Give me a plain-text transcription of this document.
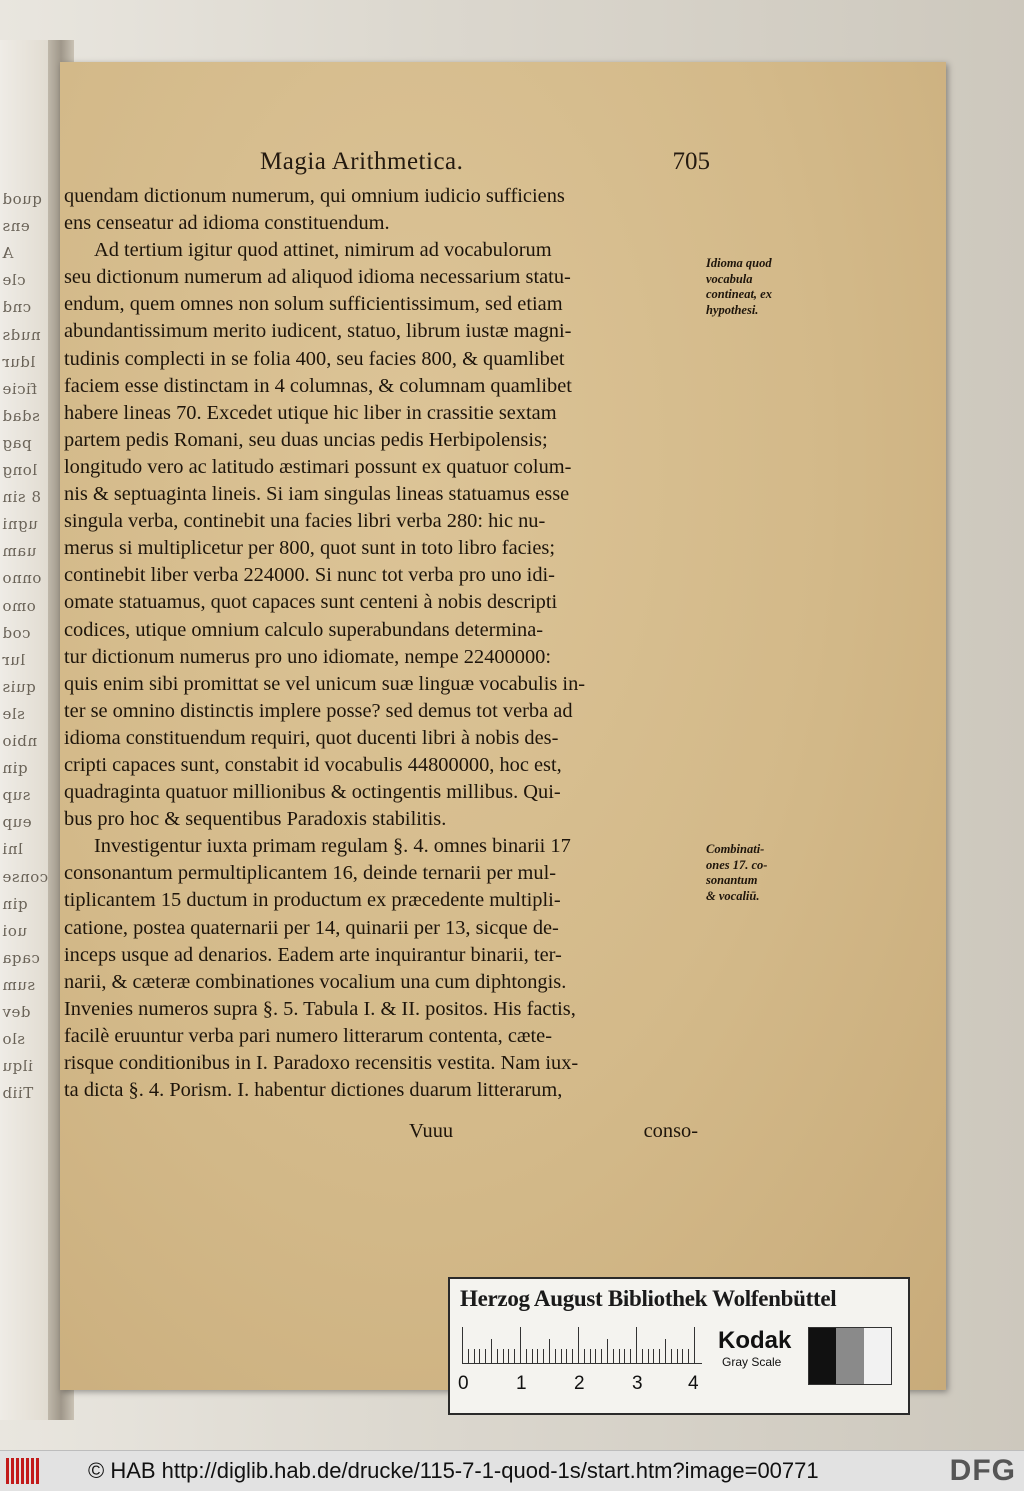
quod
ens
A
cle
cnd
nuds
ldur
ficie
sdad
pag
long
8 sin
ugni
uam
onno
omo
cod
lur
quis
sle
nbio
qin
sup
eup
lni
conse
qin
uoi
caqa
sum
dev
slo
ilqu
Tiib
Magia Arithmetica.	705
quendam dictionum numerum, qui omnium iudicio sufficiens
ens censeatur ad idioma constituendum.
Ad tertium igitur quod attinet, nimirum ad vocabulorum
seu dictionum numerum ad aliquod idioma necessarium statu-
endum, quem omnes non solum sufficientissimum, sed etiam
abundantissimum merito iudicent, statuo, librum iustæ magni-
tudinis complecti in se folia 400, seu facies 800, & quamlibet
faciem esse distinctam in 4 columnas, & columnam quamlibet
habere lineas 70. Excedet utique hic liber in crassitie sextam
partem pedis Romani, seu duas uncias pedis Herbipolensis;
longitudo vero ac latitudo æstimari possunt ex quatuor colum-
nis & septuaginta lineis. Si iam singulas lineas statuamus esse
singula verba, continebit una facies libri verba 280: hic nu-
merus si multiplicetur per 800, quot sunt in toto libro facies;
continebit liber verba 224000. Si nunc tot verba pro uno idi-
omate statuamus, quot capaces sunt centeni à nobis descripti
codices, utique omnium calculo superabundans determina-
tur dictionum numerus pro uno idiomate, nempe 22400000:
quis enim sibi promittat se vel unicum suæ linguæ vocabulis in-
ter se omnino distinctis implere posse? sed demus tot verba ad
idioma constituendum requiri, quot ducenti libri à nobis des-
cripti capaces sunt, constabit id vocabulis 44800000, hoc est,
quadraginta quatuor millionibus & octingentis millibus. Qui-
bus pro hoc & sequentibus Paradoxis stabilitis.
Investigentur iuxta primam regulam §. 4. omnes binarii 17
consonantum permultiplicantem 16, deinde ternarii per mul-
tiplicantem 15 ductum in productum ex præcedente multipli-
catione, postea quaternarii per 14, quinarii per 13, sicque de-
inceps usque ad denarios. Eadem arte inquirantur binarii, ter-
narii, & cæteræ combinationes vocalium una cum diphtongis.
Invenies numeros supra §. 5. Tabula I. & II. positos. His factis,
facilè eruuntur verba pari numero litterarum contenta, cæte-
risque conditionibus in I. Paradoxo recensitis vestita. Nam iux-
ta dicta §. 4. Porism. I. habentur dictiones duarum litterarum,
Idioma quod
vocabula
contineat, ex
hypothesi.
Combinati-
ones 17. co-
sonantum
& vocaliū.
Vuuu	conso-
Herzog August Bibliothek Wolfenbüttel
0 1 2 3 4
Kodak
Gray Scale
© HAB http://diglib.hab.de/drucke/115-7-1-quod-1s/start.htm?image=00771	DFG
